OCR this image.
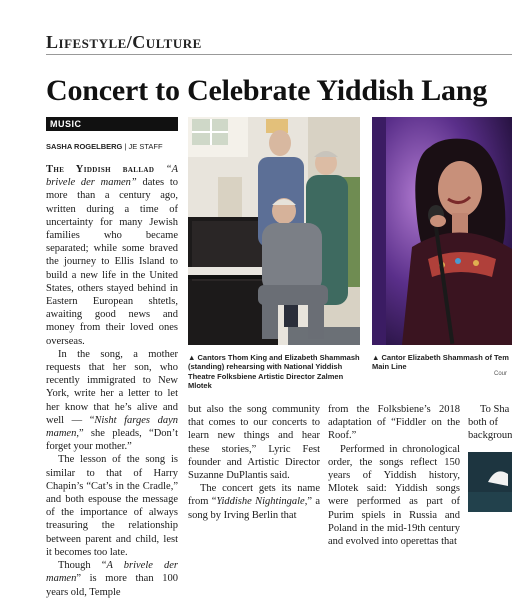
Lifestyle/Culture
Concert to Celebrate Yiddish Lang
MUSIC
SASHA ROGELBERG | JE STAFF

The Yiddish ballad “A brivele der mamen” dates to more than a century ago, written during a time of uncertainty for many Jewish families who became separated; while some braved the journey to Ellis Island to build a new life in the United States, others stayed behind in Eastern European shtetls, awaiting good news and money from their loved ones overseas.

In the song, a mother requests that her son, who recently immigrated to New York, write her a letter to let her know that he’s alive and well — “Nisht farges dayn mamen,” she pleads, “Don’t forget your mother.”

The lesson of the song is similar to that of Harry Chapin’s “Cat’s in the Cradle,” and both espouse the message of the importance of always treasuring the relationship between parent and child, lest it becomes too late.

Though “A brivele der mamen” is more than 100 years old, Temple

▲ Cantors Thom King and Elizabeth Shammash (standing) rehearsing with National Yiddish Theatre Folksbiene Artistic Director Zalmen Mlotek
▲ Cantor Elizabeth Shammash of Tem Main Line
Cour

but also the song community that comes to our concerts to learn new things and hear these stories,” Lyric Fest founder and Artistic Director Suzanne DuPlantis said.

The concert gets its name from “Yiddishe Nightingale,” a song by Irving Berlin that

from the Folksbiene’s 2018 adaptation of “Fiddler on the Roof.”

Performed in chronological order, the songs reflect 150 years of Yiddish history, Mlotek said: Yiddish songs were performed as part of Purim spiels in Russia and Poland in the mid-19th century and evolved into operettas that

To Sha
both of
backgroun
